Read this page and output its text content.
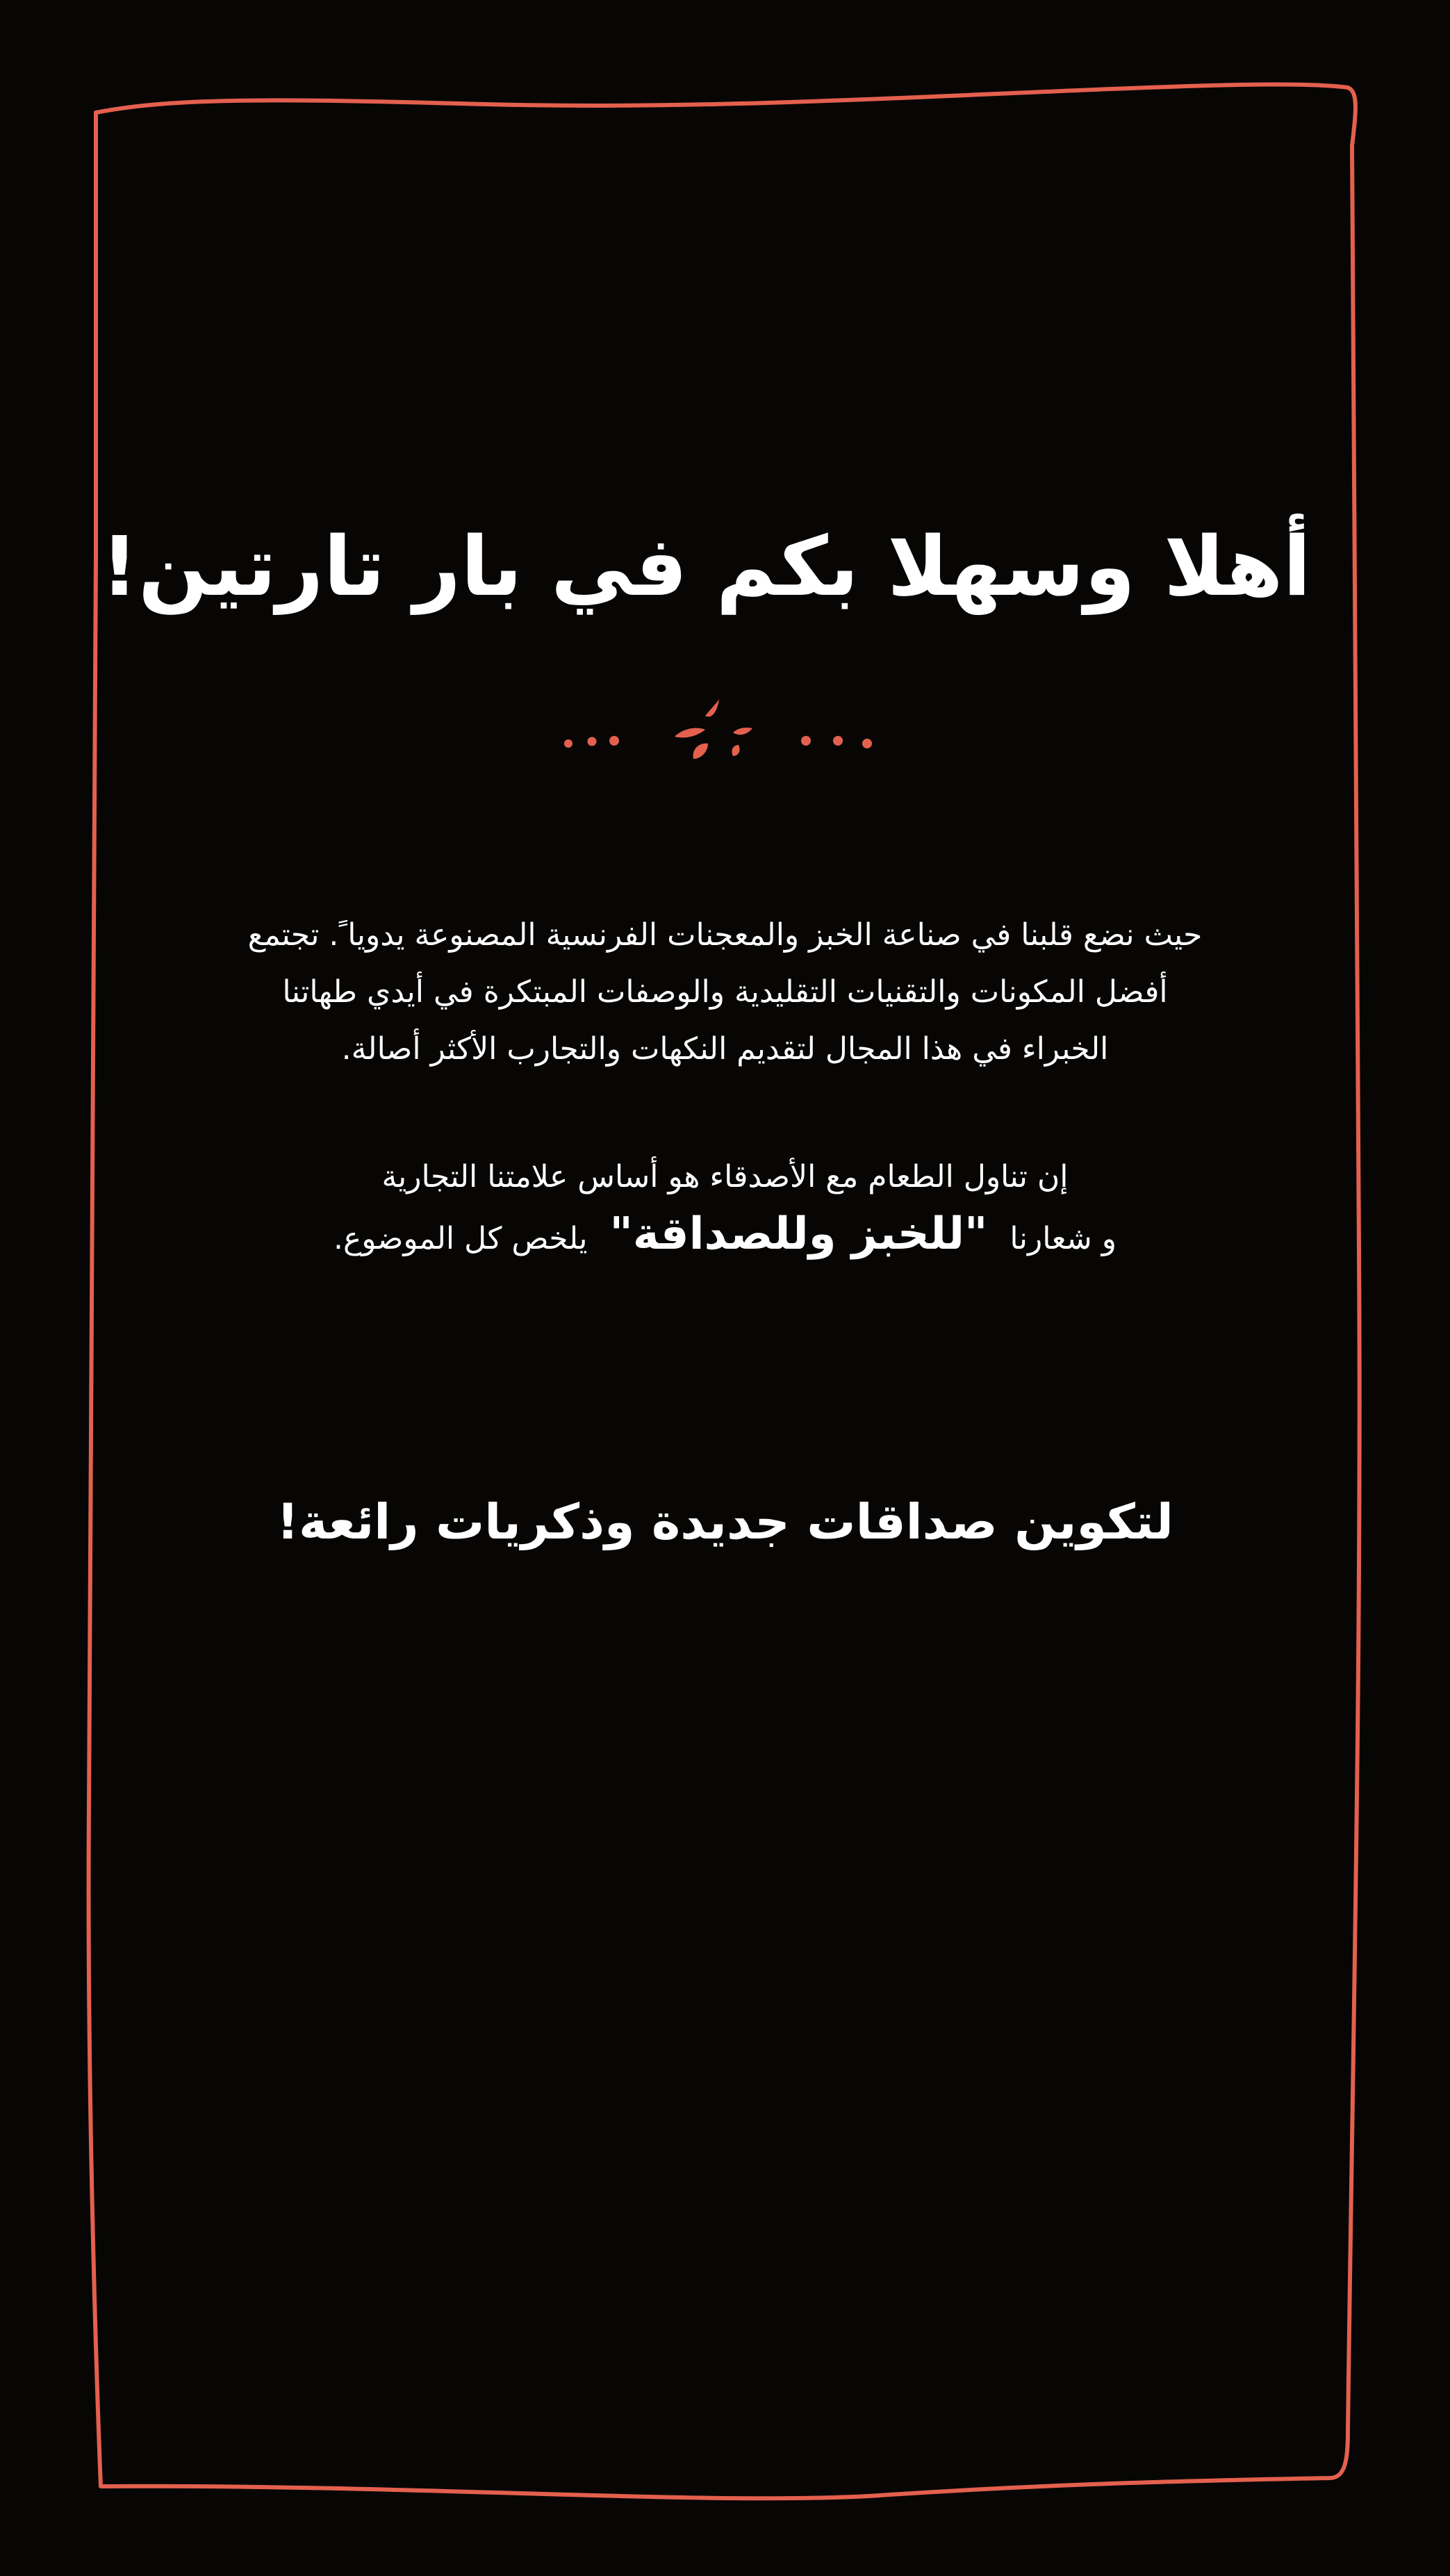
أهلا وسهلا بكم في بار تارتين!

حيث نضع قلبنا في صناعة الخبز والمعجنات الفرنسية المصنوعة يدويا ً. تجتمع
أفضل المكونات والتقنيات التقليدية والوصفات المبتكرة في أيدي طهاتنا
الخبراء في هذا المجال لتقديم النكهات والتجارب الأكثر أصالة.

إن تناول الطعام مع الأصدقاء هو أساس علامتنا التجارية
و شعارنا "للخبز وللصداقة" يلخص كل الموضوع.

لتكوين صداقات جديدة وذكريات رائعة!
